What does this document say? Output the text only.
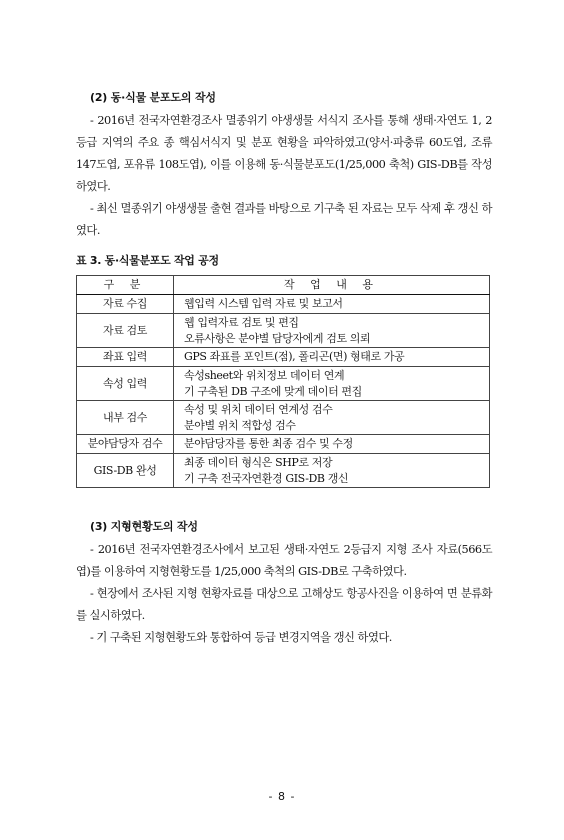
(2) 동·식물 분포도의 작성

- 2016년 전국자연환경조사 멸종위기 야생생물 서식지 조사를 통해 생태·자연도 1, 2등급 지역의 주요 종 핵심서식지 및 분포 현황을 파악하였고(양서·파충류 60도엽, 조류 147도엽, 포유류 108도엽), 이를 이용해 동·식물분포도(1/25,000 축척) GIS-DB를 작성하였다.

- 최신 멸종위기 야생생물 출현 결과를 바탕으로 기구축 된 자료는 모두 삭제 후 갱신 하였다.

표 3. 동·식물분포도 작업 공정
구 분	작 업 내 용
자료 수집	웹입력 시스템 입력 자료 및 보고서

자료 검토	웹 입력자료 검토 및 편집
오류사항은 분야별 담당자에게 검토 의뢰

좌표 입력	GPS 좌표를 포인트(점), 폴리곤(면) 형태로 가공

속성 입력	속성sheet와 위치정보 데이터 연계
기 구축된 DB 구조에 맞게 데이터 편집

내부 검수	속성 및 위치 데이터 연계성 검수
분야별 위치 적합성 검수

분야담당자 검수	분야담당자를 통한 최종 검수 및 수정

GIS-DB 완성	최종 데이터 형식은 SHP로 저장
기 구축 전국자연환경 GIS-DB 갱신
(3) 지형현황도의 작성

- 2016년 전국자연환경조사에서 보고된 생태·자연도 2등급지 지형 조사 자료(566도엽)를 이용하여 지형현황도를 1/25,000 축척의 GIS-DB로 구축하였다.

- 현장에서 조사된 지형 현황자료를 대상으로 고해상도 항공사진을 이용하여 면 분류화를 실시하였다.

- 기 구축된 지형현황도와 통합하여 등급 변경지역을 갱신 하였다.

- 8 -
